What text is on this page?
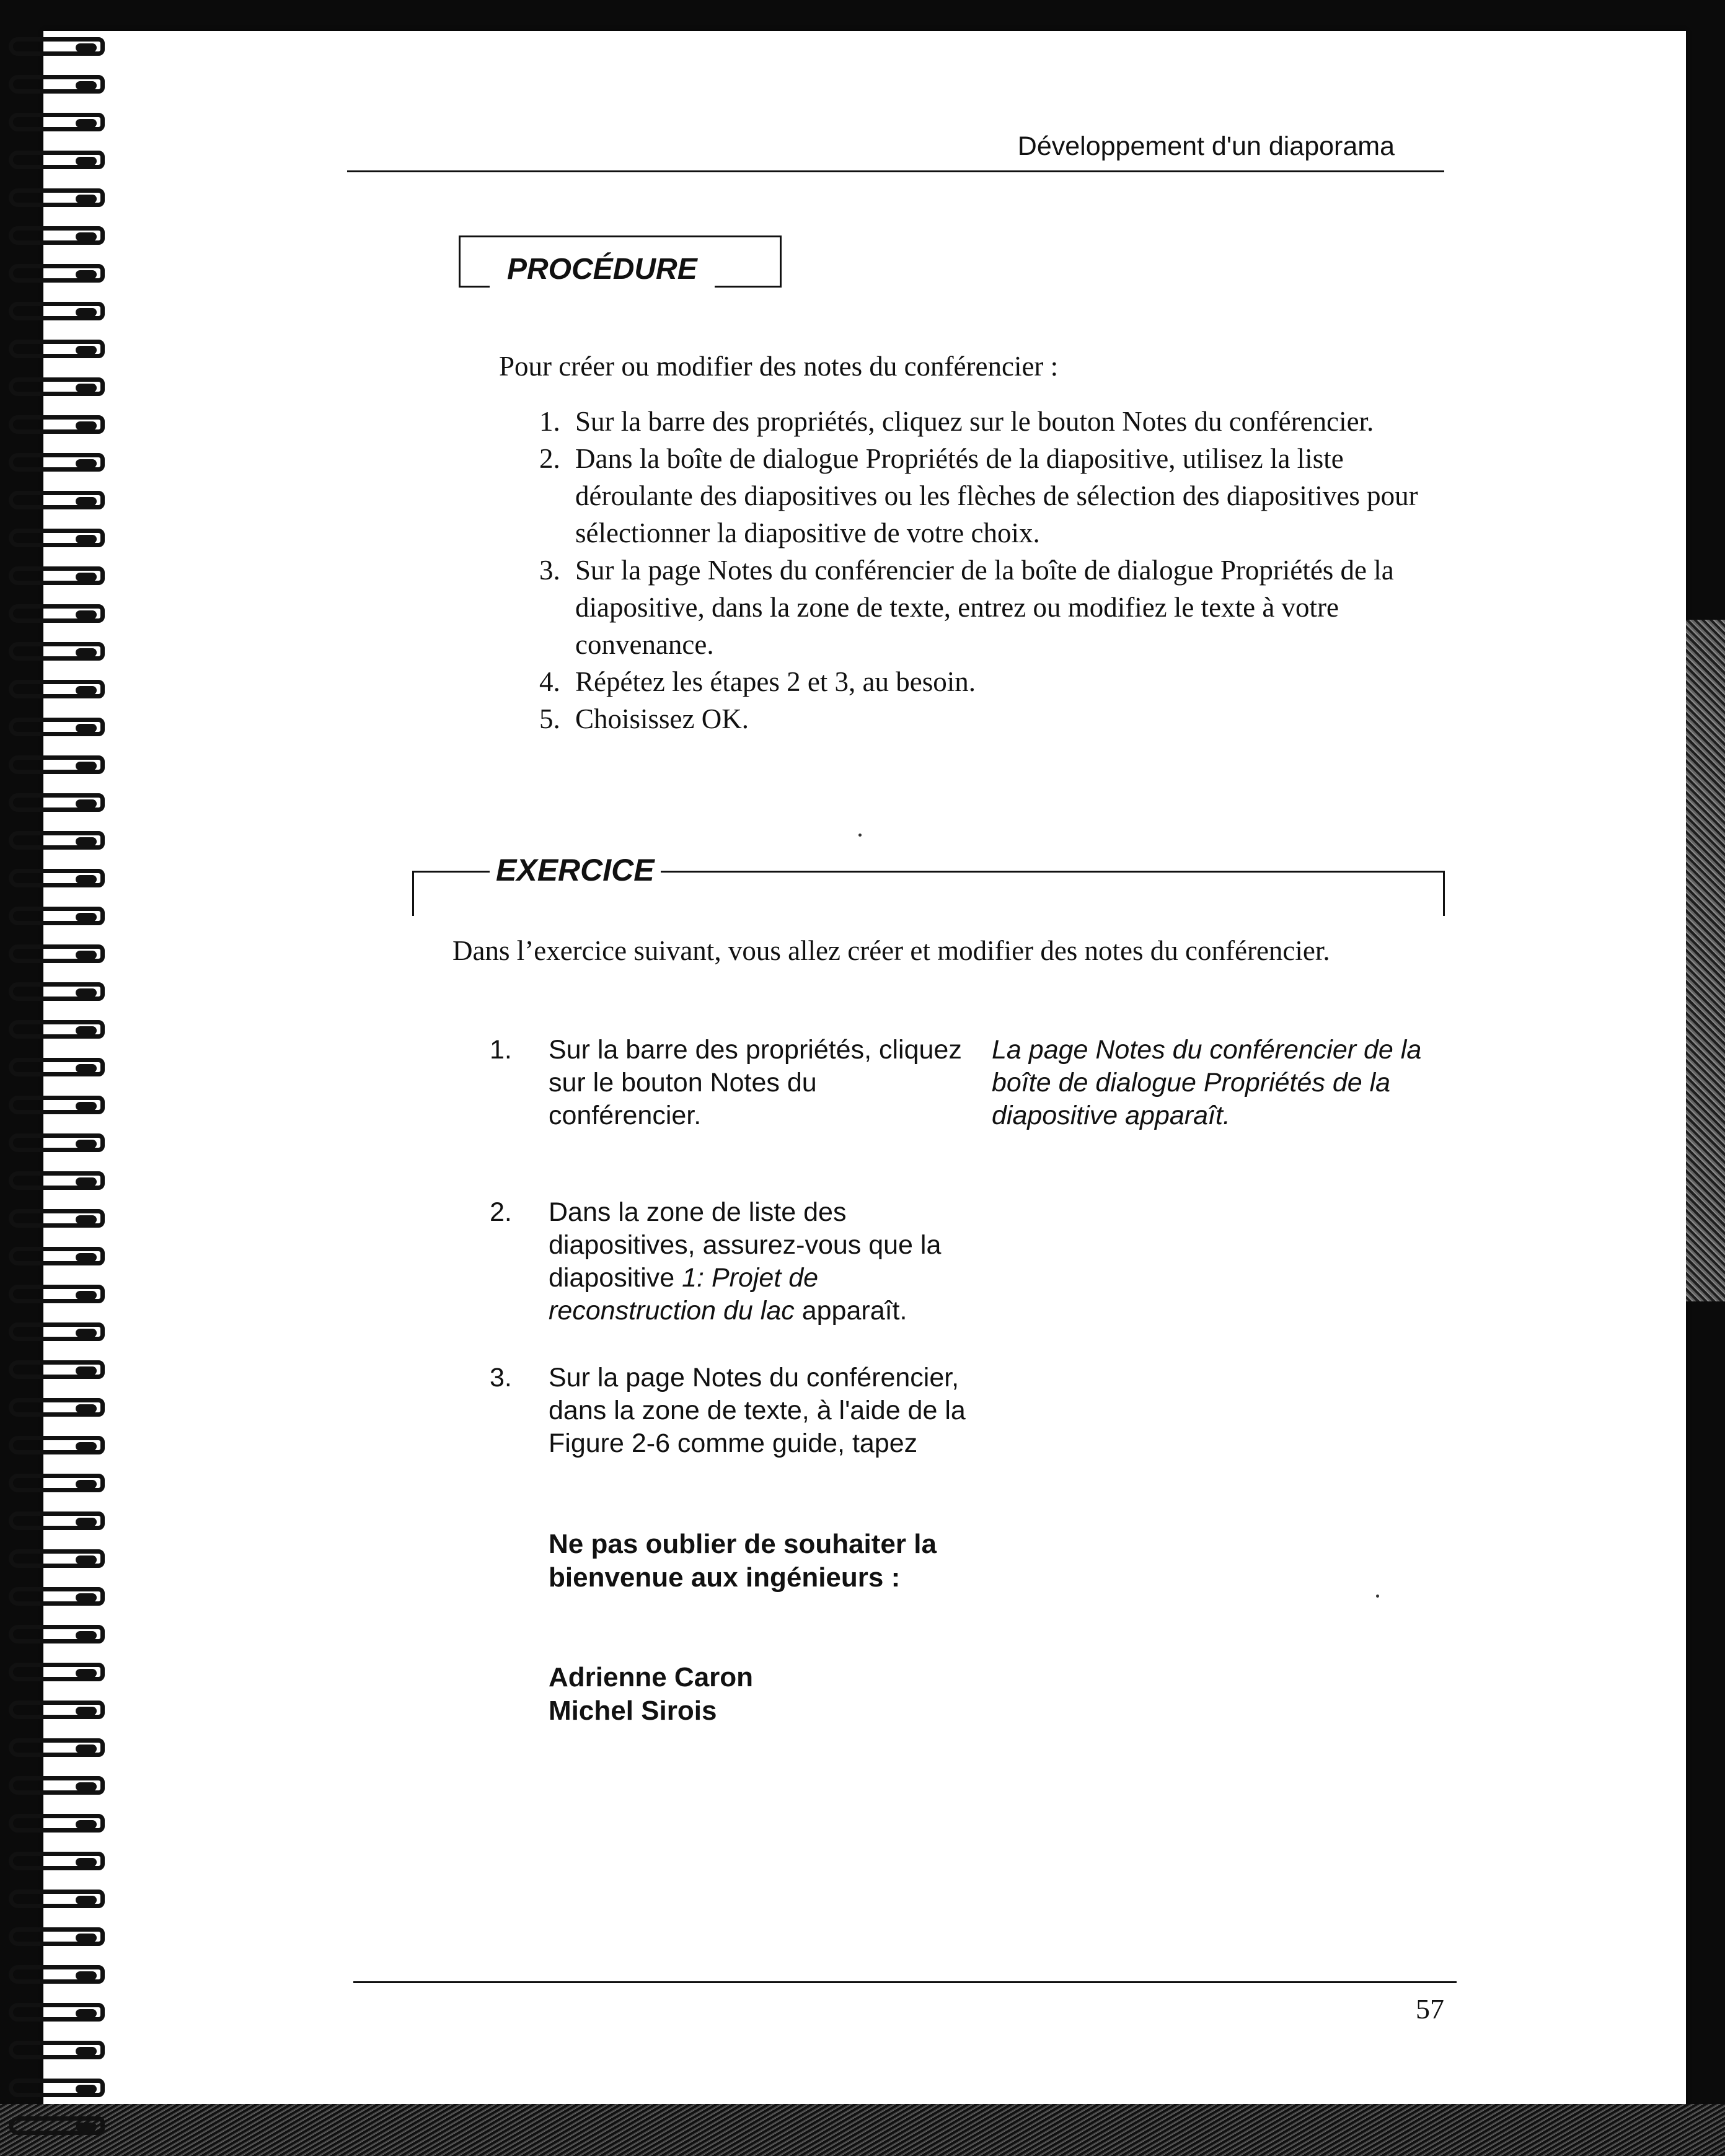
Développement d'un diaporama
PROCÉDURE
Pour créer ou modifier des notes du conférencier :
1. Sur la barre des propriétés, cliquez sur le bouton Notes du conférencier.
2. Dans la boîte de dialogue Propriétés de la diapositive, utilisez la liste déroulante des diapositives ou les flèches de sélection des diapositives pour sélectionner la diapositive de votre choix.
3. Sur la page Notes du conférencier de la boîte de dialogue Propriétés de la diapositive, dans la zone de texte, entrez ou modifiez le texte à votre convenance.
4. Répétez les étapes 2 et 3, au besoin.
5. Choisissez OK.
EXERCICE
Dans l’exercice suivant, vous allez créer et modifier des notes du conférencier.
1. Sur la barre des propriétés, cliquez sur le bouton Notes du conférencier.
La page Notes du conférencier de la boîte de dialogue Propriétés de la diapositive apparaît.
2. Dans la zone de liste des diapositives, assurez-vous que la diapositive 1: Projet de reconstruction du lac apparaît.
3. Sur la page Notes du conférencier, dans la zone de texte, à l'aide de la Figure 2-6 comme guide, tapez
Ne pas oublier de souhaiter la bienvenue aux ingénieurs :
Adrienne Caron
Michel Sirois
57
